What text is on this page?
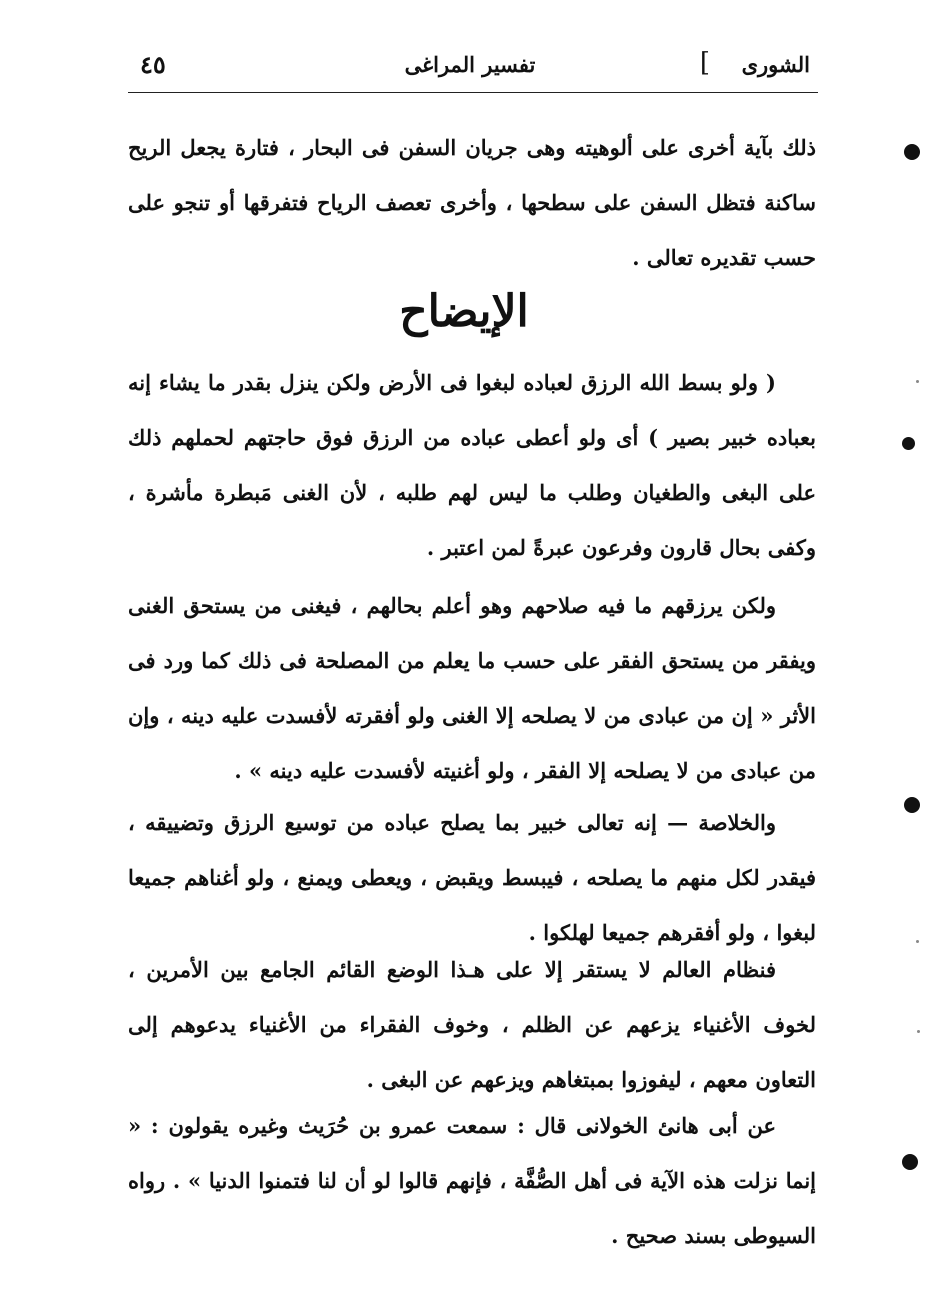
الشورى
]
تفسير المراغى
٤٥
ذلك بآية أخرى على ألوهيته وهى جريان السفن فى البحار ، فتارة يجعل الريح ساكنة فتظل السفن على سطحها ، وأخرى تعصف الرياح فتفرقها أو تنجو على حسب تقديره تعالى .
الإيضاح
( ولو بسط الله الرزق لعباده لبغوا فى الأرض ولكن ينزل بقدر ما يشاء إنه بعباده خبير بصير ) أى ولو أعطى عباده من الرزق فوق حاجتهم لحملهم ذلك على البغى والطغيان وطلب ما ليس لهم طلبه ، لأن الغنى مَبطرة مأشرة ، وكفى بحال قارون وفرعون عبرةً لمن اعتبر .
ولكن يرزقهم ما فيه صلاحهم وهو أعلم بحالهم ، فيغنى من يستحق الغنى ويفقر من يستحق الفقر على حسب ما يعلم من المصلحة فى ذلك كما ورد فى الأثر « إن من عبادى من لا يصلحه إلا الغنى ولو أفقرته لأفسدت عليه دينه ، وإن من عبادى من لا يصلحه إلا الفقر ، ولو أغنيته لأفسدت عليه دينه » .
والخلاصة — إنه تعالى خبير بما يصلح عباده من توسيع الرزق وتضييقه ، فيقدر لكل منهم ما يصلحه ، فيبسط ويقبض ، ويعطى ويمنع ، ولو أغناهم جميعا لبغوا ، ولو أفقرهم جميعا لهلكوا .
فنظام العالم لا يستقر إلا على هـذا الوضع القائم الجامع بين الأمرين ، لخوف الأغنياء يزعهم عن الظلم ، وخوف الفقراء من الأغنياء يدعوهم إلى التعاون معهم ، ليفوزوا بمبتغاهم ويزعهم عن البغى .
عن أبى هانئ الخولانى قال : سمعت عمرو بن حُرَيث وغيره يقولون : « إنما نزلت هذه الآية فى أهل الصُّفَّة ، فإنهم قالوا لو أن لنا فتمنوا الدنيا » . رواه السيوطى بسند صحيح .
